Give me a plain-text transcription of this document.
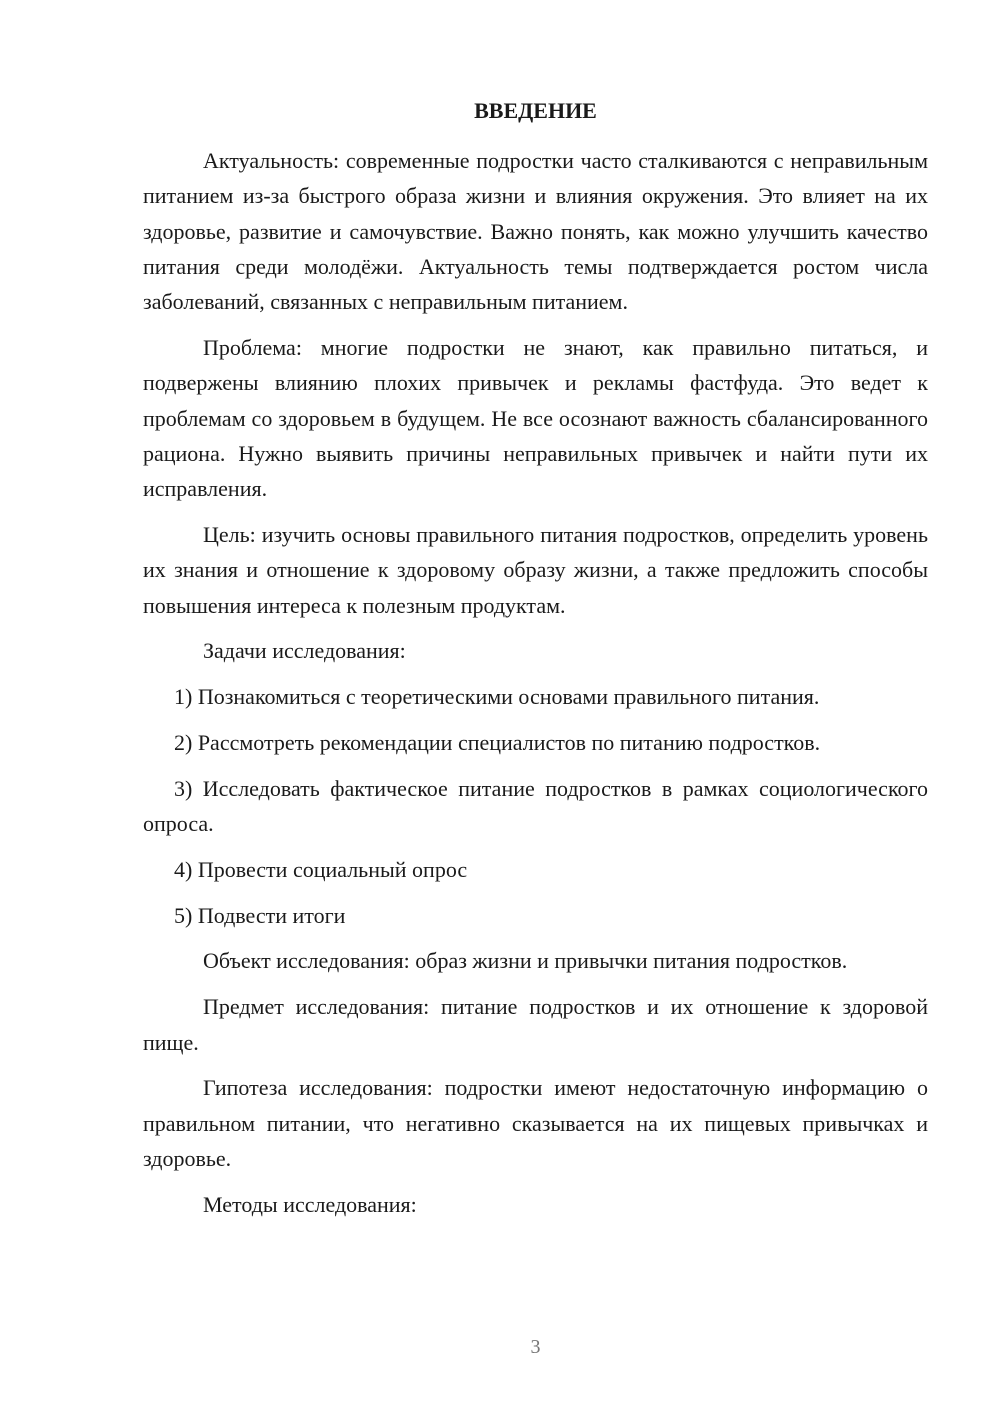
ВВЕДЕНИЕ

Актуальность: современные подростки часто сталкиваются с неправильным питанием из-за быстрого образа жизни и влияния окружения. Это влияет на их здоровье, развитие и самочувствие. Важно понять, как можно улучшить качество питания среди молодёжи. Актуальность темы подтверждается ростом числа заболеваний, связанных с неправильным питанием.

Проблема: многие подростки не знают, как правильно питаться, и подвержены влиянию плохих привычек и рекламы фастфуда. Это ведет к проблемам со здоровьем в будущем. Не все осознают важность сбалансированного рациона. Нужно выявить причины неправильных привычек и найти пути их исправления.

Цель: изучить основы правильного питания подростков, определить уровень их знания и отношение к здоровому образу жизни, а также предложить способы повышения интереса к полезным продуктам.

Задачи исследования:

1) Познакомиться с теоретическими основами правильного питания.

2) Рассмотреть рекомендации специалистов по питанию подростков.

3) Исследовать фактическое питание подростков в рамках социологического опроса.

4) Провести социальный опрос

5) Подвести итоги

Объект исследования: образ жизни и привычки питания подростков.

Предмет исследования: питание подростков и их отношение к здоровой пище.

Гипотеза исследования: подростки имеют недостаточную информацию о правильном питании, что негативно сказывается на их пищевых привычках и здоровье.

Методы исследования:

3
